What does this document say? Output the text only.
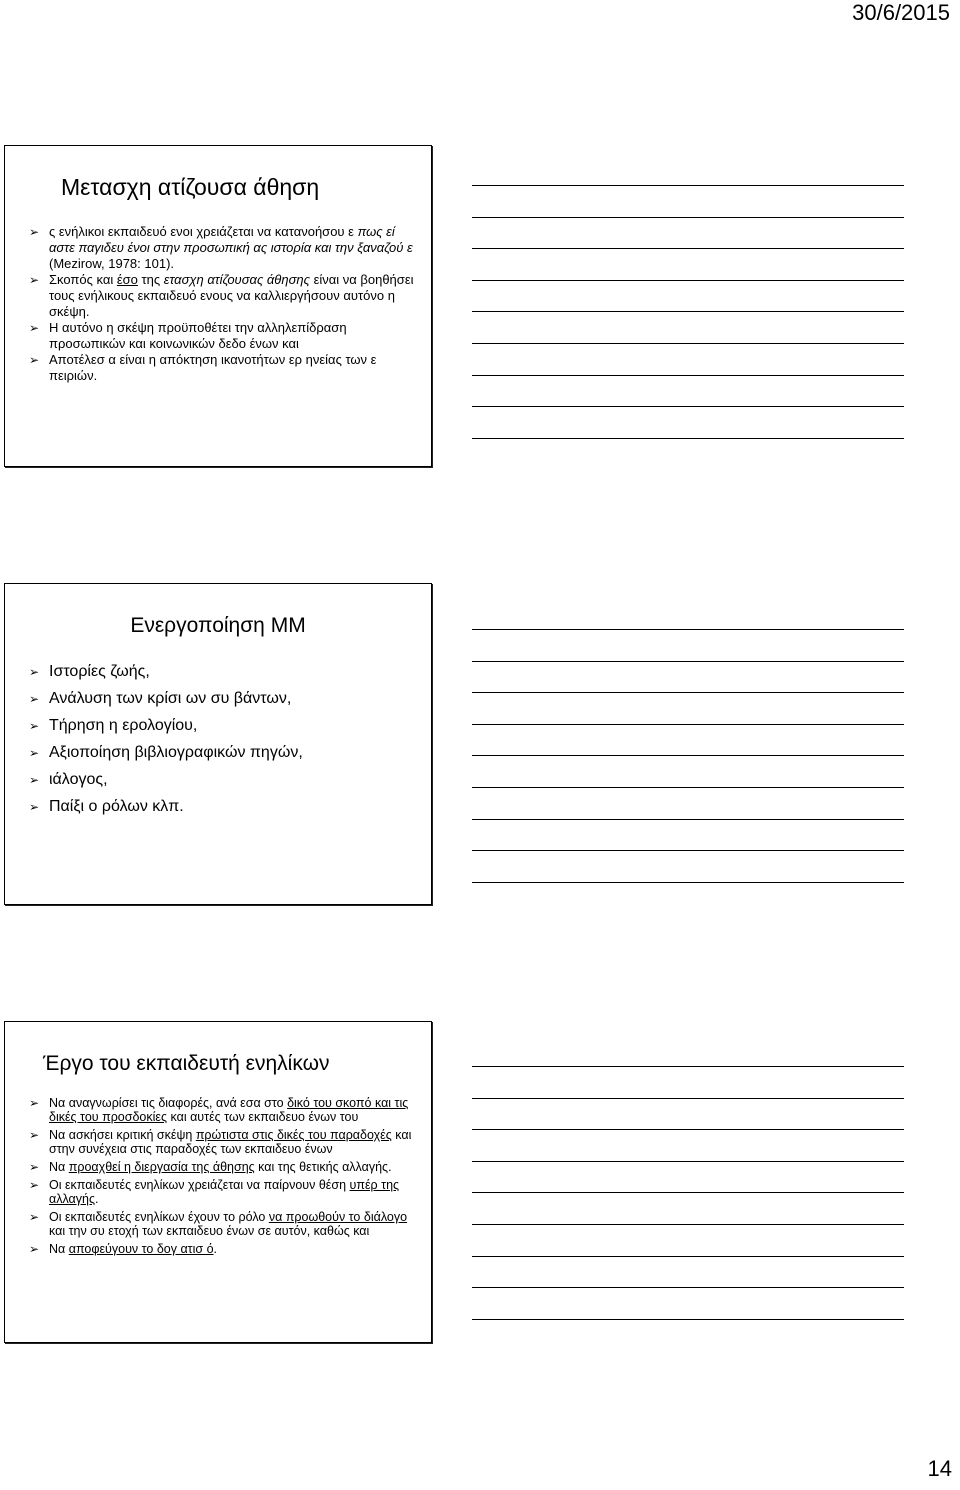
30/6/2015
Μετασχη ατίζουσα άθηση
➢ ς ενήλικοι εκπαιδευό ενοι χρειάζεται να κατανοήσου ε πως εί αστε παγιδευ ένοι στην προσωπική ας ιστορία και την ξαναζού ε (Mezirow, 1978: 101).
➢ Σκοπός και έσο της ετασχη ατίζουσας άθησης είναι να βοηθήσει τους ενήλικους εκπαιδευό ενους να καλλιεργήσουν αυτόνο η σκέψη.
➢ Η αυτόνο η σκέψη προϋποθέτει την αλληλεπίδραση προσωπικών και κοινωνικών δεδο ένων και
➢ Αποτέλεσ α είναι η απόκτηση ικανοτήτων ερ ηνείας των ε πειριών.
Ενεργοποίηση ΜΜ
➢ Ιστορίες ζωής,
➢ Ανάλυση των κρίσι ων συ βάντων,
➢ Τήρηση η ερολογίου,
➢ Αξιοποίηση βιβλιογραφικών πηγών,
➢ ιάλογος,
➢ Παίξι ο ρόλων κλπ.
Έργο του εκπαιδευτή ενηλίκων
➢ Να αναγνωρίσει τις διαφορές, ανά εσα στο δικό του σκοπό και τις δικές του προσδοκίες και αυτές των εκπαιδευο ένων του
➢ Να ασκήσει κριτική σκέψη πρώτιστα στις δικές του παραδοχές και στην συνέχεια στις παραδοχές των εκπαιδευο ένων
➢ Να προαχθεί η διεργασία της άθησης και της θετικής αλλαγής.
➢ Οι εκπαιδευτές ενηλίκων χρειάζεται να παίρνουν θέση υπέρ της αλλαγής.
➢ Οι εκπαιδευτές ενηλίκων έχουν το ρόλο να προωθούν το διάλογο και την συ ετοχή των εκπαιδευο ένων σε αυτόν, καθώς και
➢ Να αποφεύγουν το δογ ατισ ό.
14
